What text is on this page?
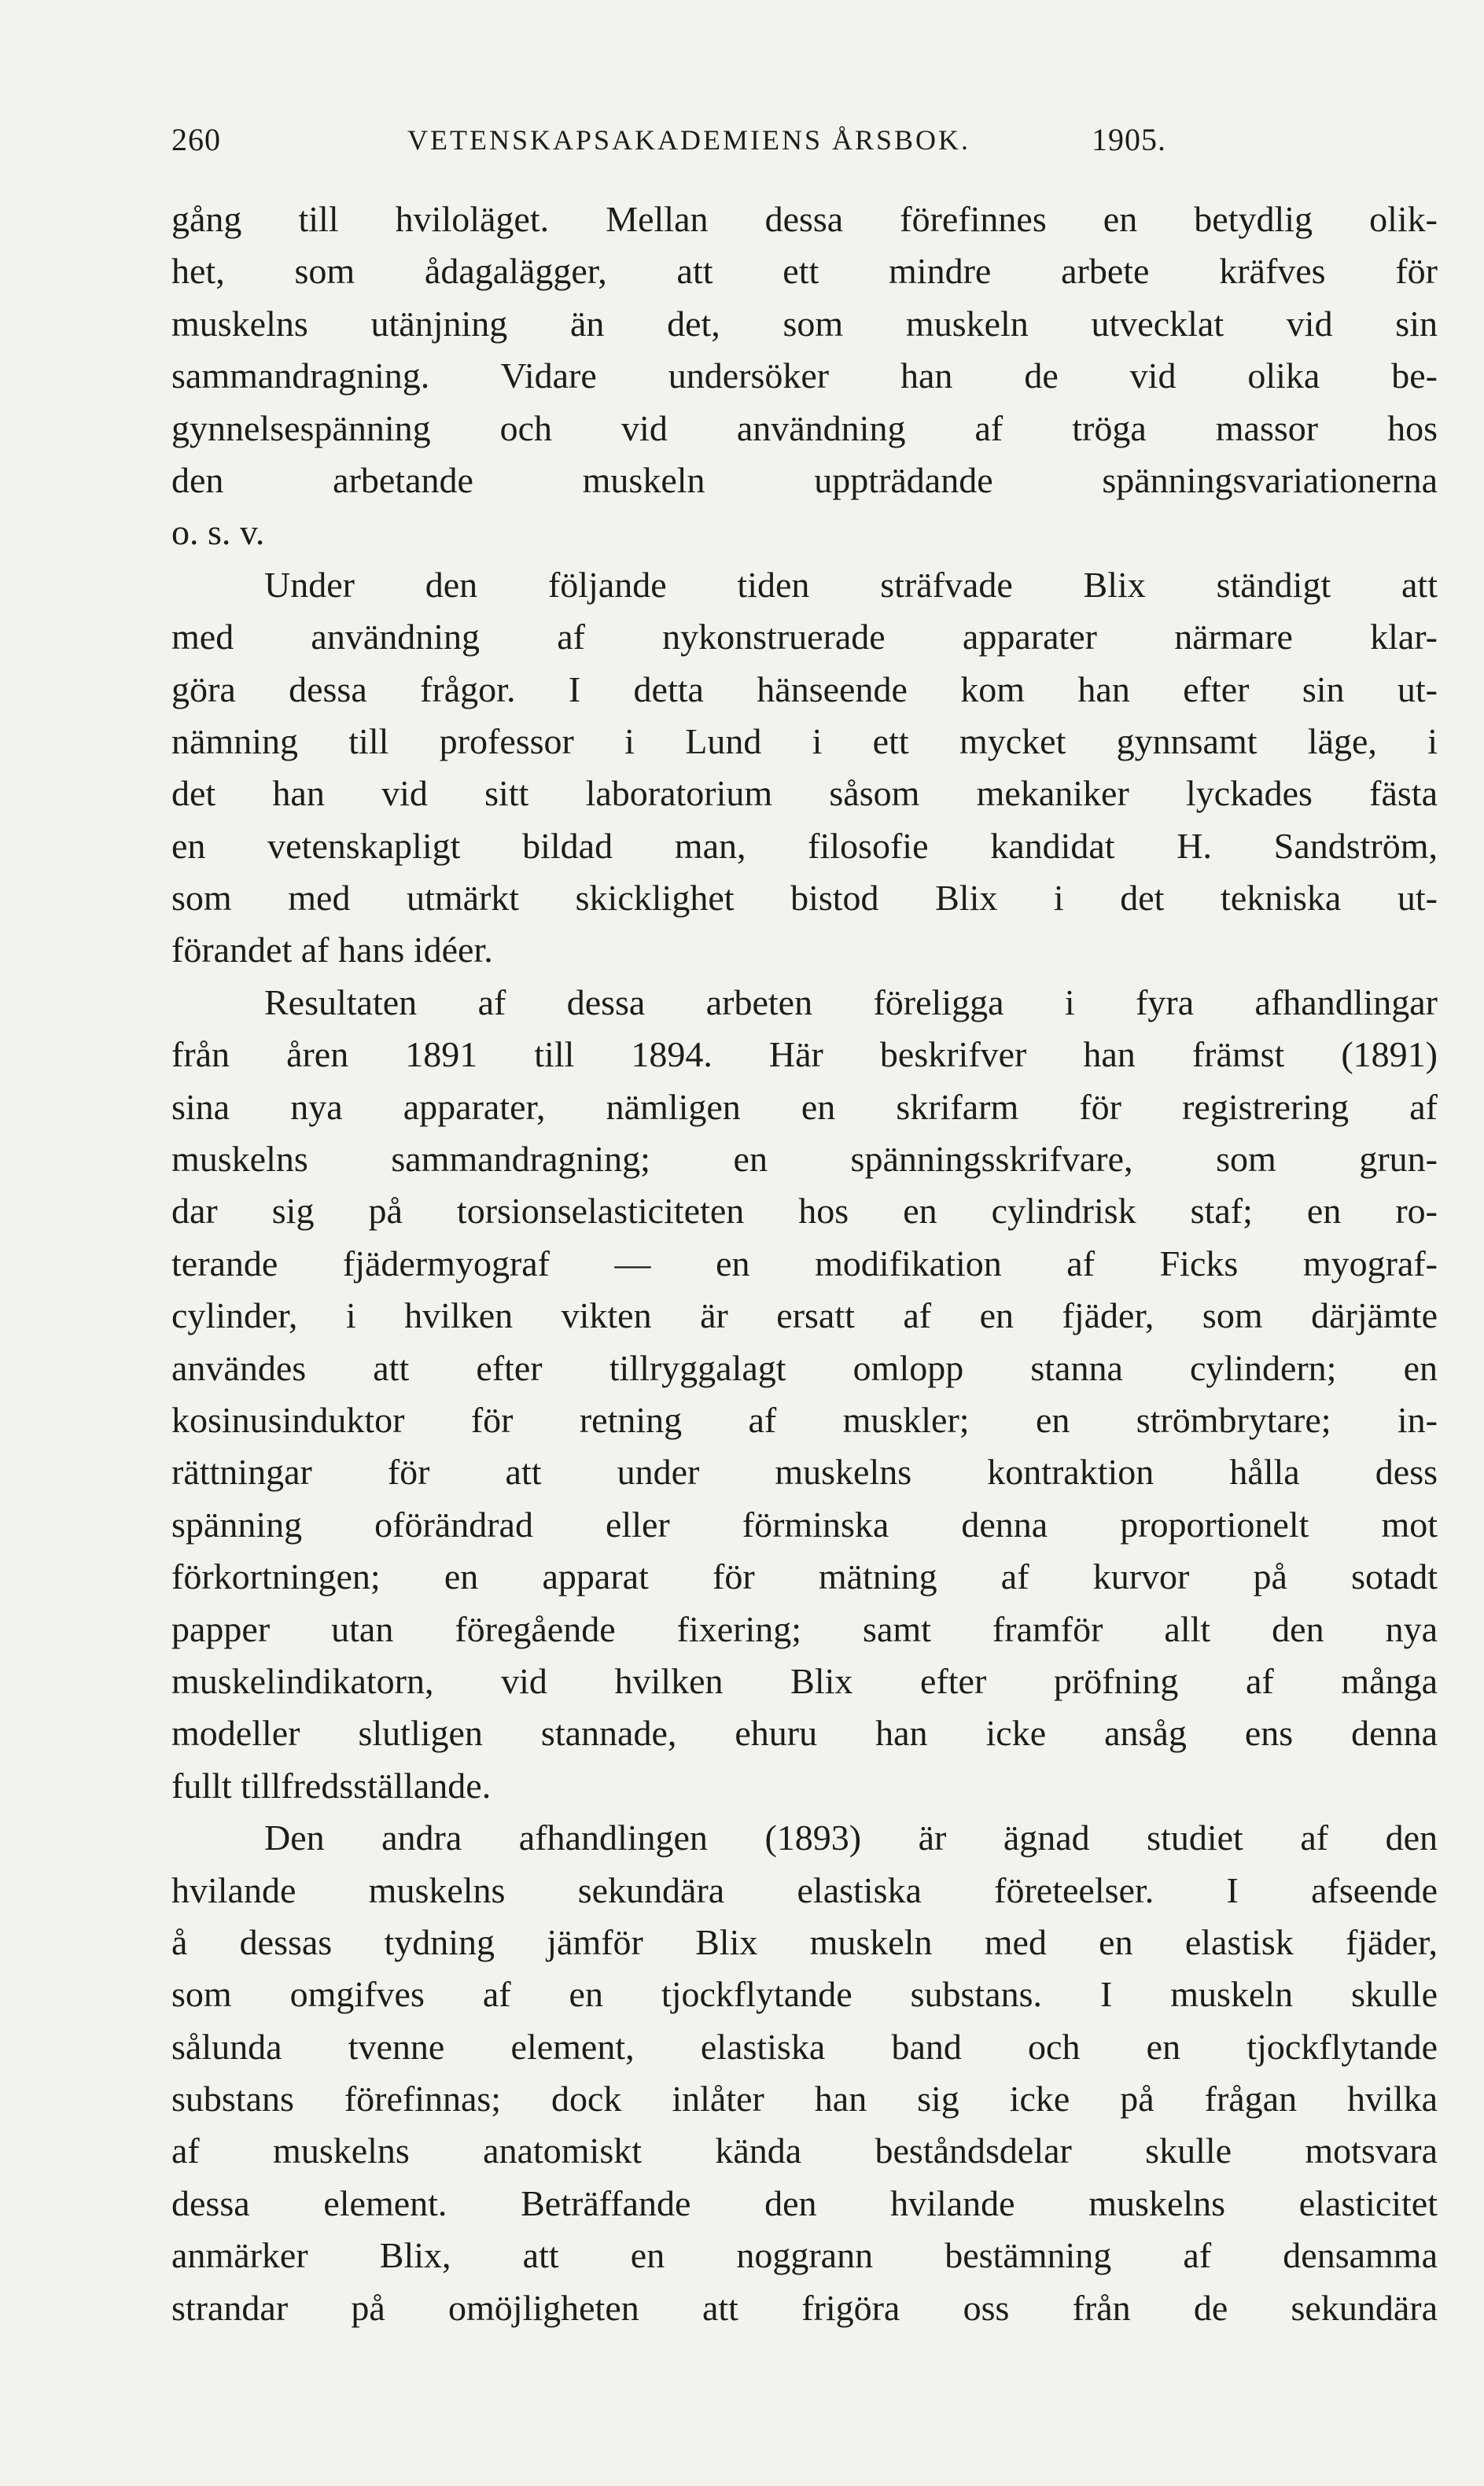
260	VETENSKAPSAKADEMIENS ÅRSBOK.	1905.
gång till hvilоläget. Mellan dessa förefinnes en betydlig olik-
het, som ådagalägger, att ett mindre arbete kräfves för
muskelns utänjning än det, som muskeln utvecklat vid sin
sammandragning. Vidare undersöker han de vid olika be-
gynnelsespänning och vid användning af tröga massor hos
den arbetande muskeln uppträdande spänningsvariationerna
o. s. v.
Under den följande tiden sträfvade Blix ständigt att
med användning af nykonstruerade apparater närmare klar-
göra dessa frågor. I detta hänseende kom han efter sin ut-
nämning till professor i Lund i ett mycket gynnsamt läge, i
det han vid sitt laboratorium såsom mekaniker lyckades fästa
en vetenskapligt bildad man, filosofie kandidat H. Sandström,
som med utmärkt skicklighet bistod Blix i det tekniska ut-
förandet af hans idéer.
Resultaten af dessa arbeten föreligga i fyra afhandlingar
från åren 1891 till 1894. Här beskrifver han främst (1891)
sina nya apparater, nämligen en skrifarm för registrering af
muskelns sammandragning; en spänningsskrifvare, som grun-
dar sig på torsionselasticiteten hos en cylindrisk staf; en ro-
terande fjädermyograf — en modifikation af Ficks myograf-
cylinder, i hvilken vikten är ersatt af en fjäder, som därjämte
användes att efter tillryggalagt omlopp stanna cylindern; en
kosinusinduktor för retning af muskler; en strömbrytare; in-
rättningar för att under muskelns kontraktion hålla dess
spänning oförändrad eller förminska denna proportionelt mot
förkortningen; en apparat för mätning af kurvor på sotadt
papper utan föregående fixering; samt framför allt den nya
muskelindikatorn, vid hvilken Blix efter pröfning af många
modeller slutligen stannade, ehuru han icke ansåg ens denna
fullt tillfredsställande.
Den andra afhandlingen (1893) är ägnad studiet af den
hvilande muskelns sekundära elastiska företeelser. I afseende
å dessas tydning jämför Blix muskeln med en elastisk fjäder,
som omgifves af en tjockflytande substans. I muskeln skulle
sålunda tvenne element, elastiska band och en tjockflytande
substans förefinnas; dock inlåter han sig icke på frågan hvilka
af muskelns anatomiskt kända beståndsdelar skulle motsvara
dessa element. Beträffande den hvilande muskelns elasticitet
anmärker Blix, att en noggrann bestämning af densamma
strandar på omöjligheten att frigöra oss från de sekundära
